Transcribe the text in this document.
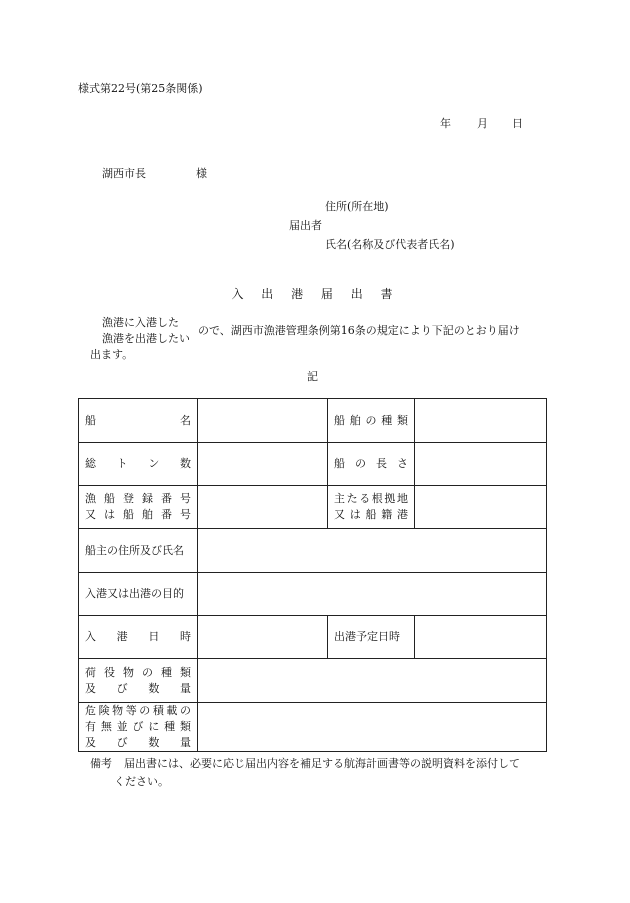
様式第22号(第25条関係)
年 月 日
湖西市長	様
住所(所在地)
届出者
氏名(名称及び代表者氏名)
入 出 港 届 出 書
漁港に入港した
漁港を出港したい
ので、湖西市漁港管理条例第16条の規定により下記のとおり届け
出ます。
記
船名		船舶の種類	

総トン数		船の長さ	

漁船登録番号
又は船舶番号		主たる根拠地
又は船籍港	

船主の住所及び氏名			

入港又は出港の目的			

入港日時		出港予定日時	

荷役物の種類
及び数量			

危険物等の積載の
有無並びに種類
及び数量			

備考 届出書には、必要に応じ届出内容を補足する航海計画書等の説明資料を添付して
ください。
